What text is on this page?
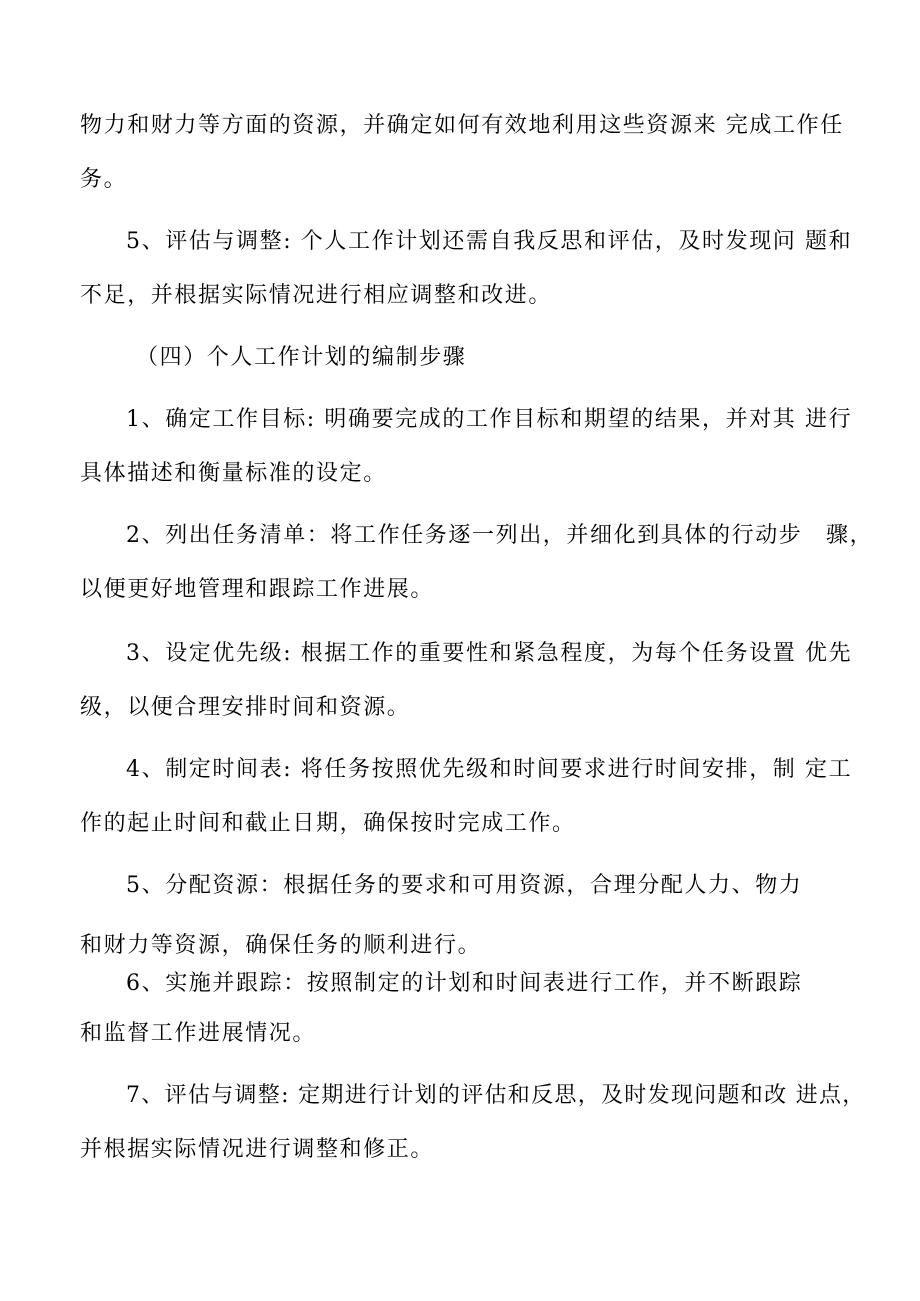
物力和财力等方面的资源，并确定如何有效地利用这些资源来 完成工作任
务。
5、评估与调整: 个人工作计划还需自我反思和评估，及时发现问 题和
不足，并根据实际情况进行相应调整和改进。
（四）个人工作计划的编制步骤
1、确定工作目标: 明确要完成的工作目标和期望的结果，并对其 进行
具体描述和衡量标准的设定。
2、列出任务清单：将工作任务逐一列出，并细化到具体的行动步　骤，
以便更好地管理和跟踪工作进展。
3、设定优先级: 根据工作的重要性和紧急程度，为每个任务设置 优先
级，以便合理安排时间和资源。
4、制定时间表: 将任务按照优先级和时间要求进行时间安排，制 定工
作的起止时间和截止日期，确保按时完成工作。
5、分配资源：根据任务的要求和可用资源，合理分配人力、物力
和财力等资源，确保任务的顺利进行。
6、实施并跟踪：按照制定的计划和时间表进行工作，并不断跟踪
和监督工作进展情况。
7、评估与调整: 定期进行计划的评估和反思，及时发现问题和改 进点，
并根据实际情况进行调整和修正。
